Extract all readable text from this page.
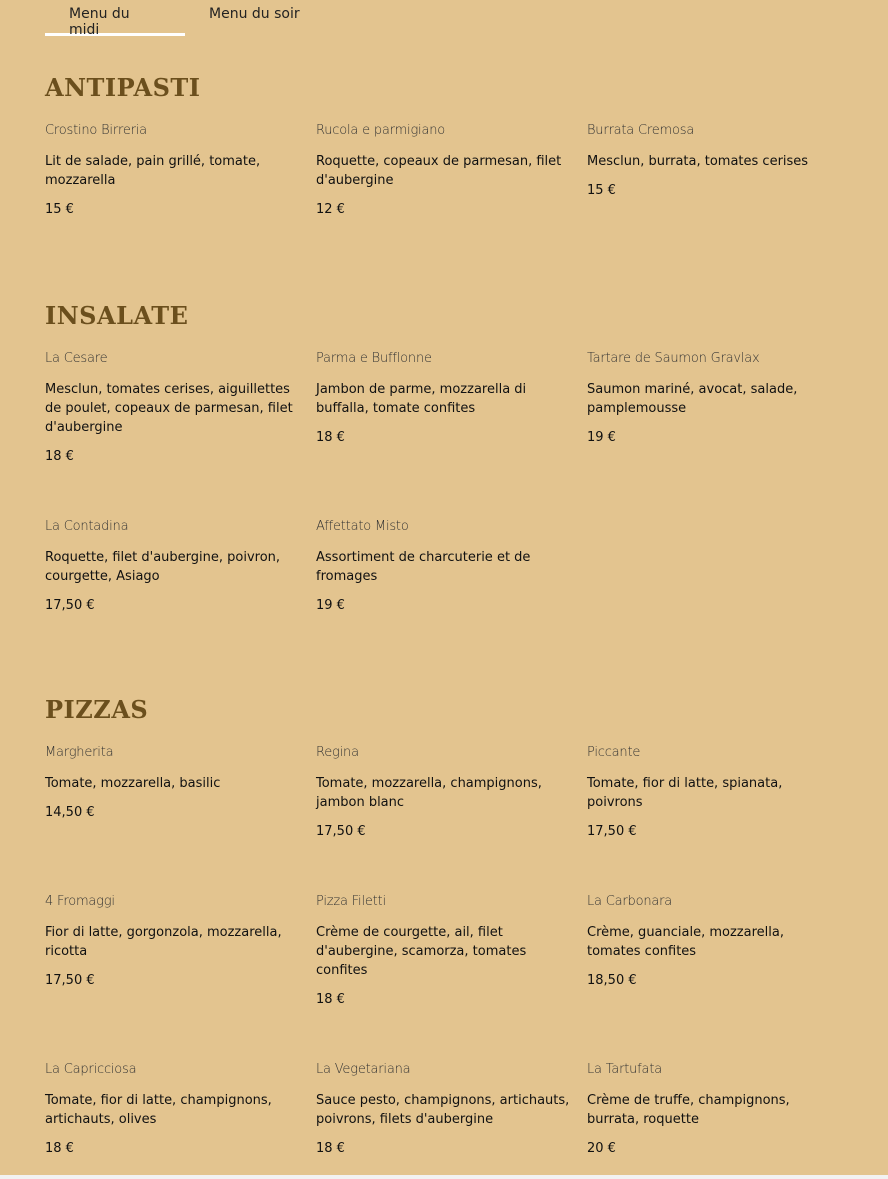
Menu du midi
Menu du soir
ANTIPASTI
Crostino Birreria
Lit de salade, pain grillé, tomate, mozzarella
15 €
Rucola e parmigiano
Roquette, copeaux de parmesan, filet d'aubergine
12 €
Burrata Cremosa
Mesclun, burrata, tomates cerises
15 €
INSALATE
La Cesare
Mesclun, tomates cerises, aiguillettes de poulet, copeaux de parmesan, filet d'aubergine
18 €
Parma e Bufflonne
Jambon de parme, mozzarella di buffalla, tomate confites
18 €
Tartare de Saumon Gravlax
Saumon mariné, avocat, salade, pamplemousse
19 €
La Contadina
Roquette, filet d'aubergine, poivron, courgette, Asiago
17,50 €
Affettato Misto
Assortiment de charcuterie et de fromages
19 €
PIZZAS
Margherita
Tomate, mozzarella, basilic
14,50 €
Regina
Tomate, mozzarella, champignons, jambon blanc
17,50 €
Piccante
Tomate, fior di latte, spianata, poivrons
17,50 €
4 Fromaggi
Fior di latte, gorgonzola, mozzarella, ricotta
17,50 €
Pizza Filetti
Crème de courgette, ail, filet d'aubergine, scamorza, tomates confites
18 €
La Carbonara
Crème, guanciale, mozzarella, tomates confites
18,50 €
La Capricciosa
Tomate, fior di latte, champignons, artichauts, olives
18 €
La Vegetariana
Sauce pesto, champignons, artichauts, poivrons, filets d'aubergine
18 €
La Tartufata
Crème de truffe, champignons, burrata, roquette
20 €
